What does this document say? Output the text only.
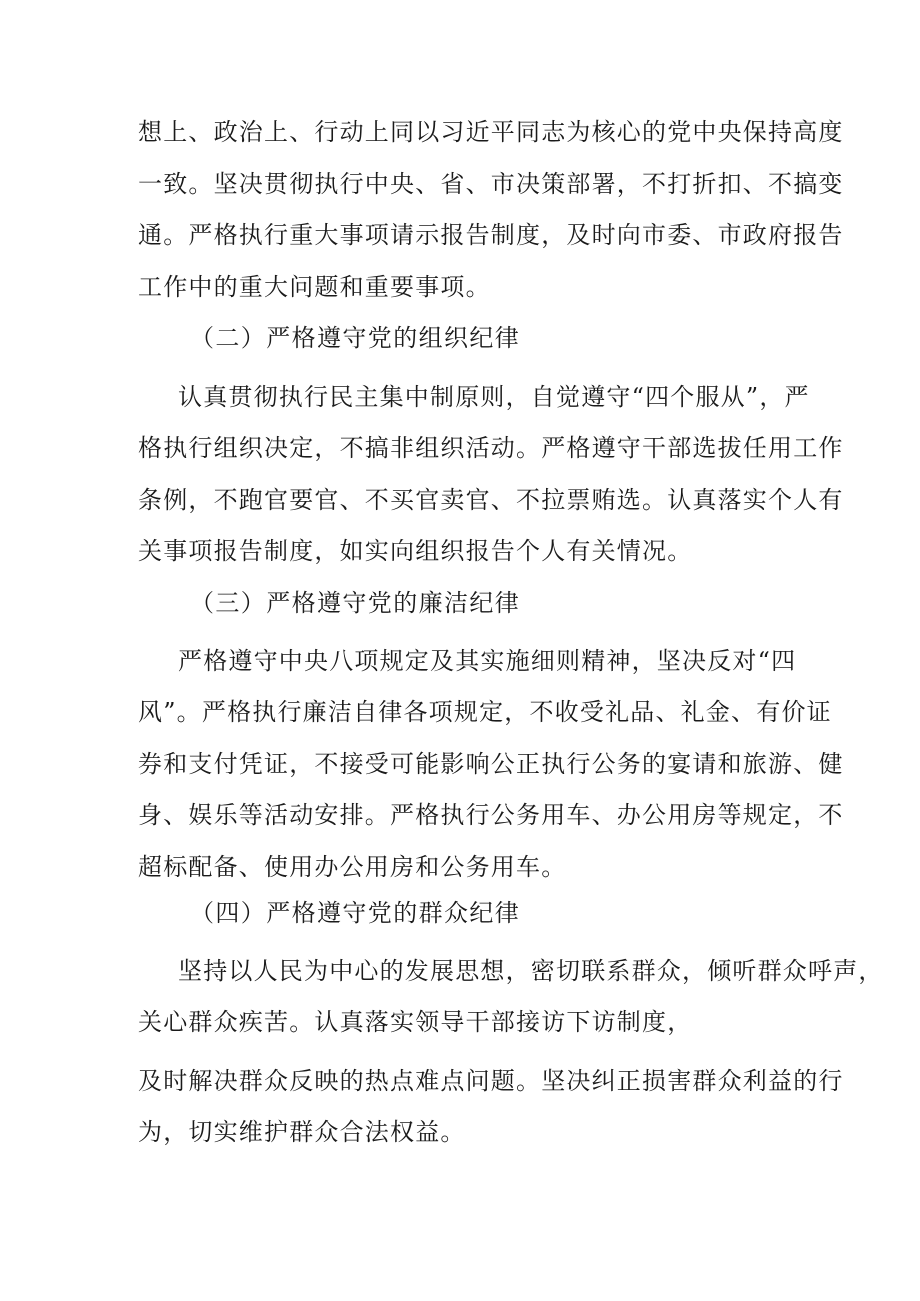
想上、政治上、行动上同以习近平同志为核心的党中央保持高度
一致。坚决贯彻执行中央、省、市决策部署，不打折扣、不搞变
通。严格执行重大事项请示报告制度，及时向市委、市政府报告
工作中的重大问题和重要事项。
（二）严格遵守党的组织纪律
认真贯彻执行民主集中制原则，自觉遵守“四个服从”，严
格执行组织决定，不搞非组织活动。严格遵守干部选拔任用工作
条例，不跑官要官、不买官卖官、不拉票贿选。认真落实个人有
关事项报告制度，如实向组织报告个人有关情况。
（三）严格遵守党的廉洁纪律
严格遵守中央八项规定及其实施细则精神，坚决反对“四
风”。严格执行廉洁自律各项规定，不收受礼品、礼金、有价证
券和支付凭证，不接受可能影响公正执行公务的宴请和旅游、健
身、娱乐等活动安排。严格执行公务用车、办公用房等规定，不
超标配备、使用办公用房和公务用车。
（四）严格遵守党的群众纪律
坚持以人民为中心的发展思想，密切联系群众，倾听群众呼声，
关心群众疾苦。认真落实领导干部接访下访制度，
及时解决群众反映的热点难点问题。坚决纠正损害群众利益的行
为，切实维护群众合法权益。
